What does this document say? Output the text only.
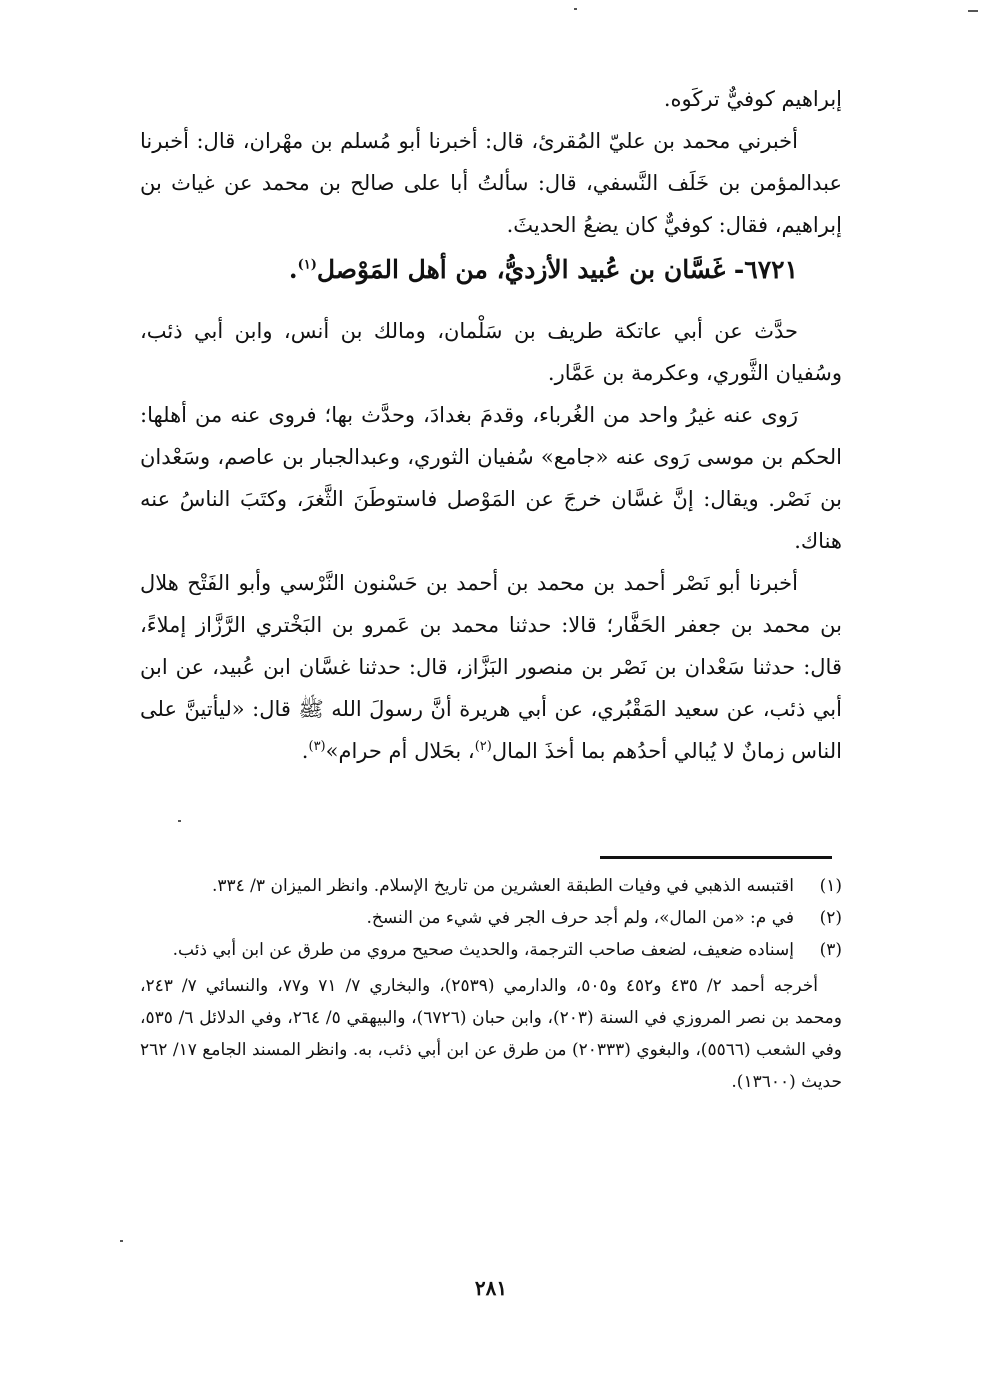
إبراهيم كوفيٌّ تركَوه.

أخبرني محمد بن عليّ المُقرئ، قال: أخبرنا أبو مُسلم بن مهْران، قال: أخبرنا عبدالمؤمن بن خَلَف النَّسفي، قال: سألتُ أبا على صالح بن محمد عن غياث بن إبراهيم، فقال: كوفيٌّ كان يضعُ الحديثَ.

٦٧٢١- غَسَّان بن عُبيد الأزديُّ، من أهل المَوْصل$^{(١)}$.

حدَّث عن أبي عاتكة طريف بن سَلْمان، ومالك بن أنس، وابن أبي ذئب، وسُفيان الثَّوري، وعكرمة بن عَمَّار.

رَوى عنه غيرُ واحد من الغُرباء، وقدمَ بغدادَ، وحدَّث بها؛ فروى عنه من أهلها: الحكم بن موسى رَوى عنه «جامع» سُفيان الثوري، وعبدالجبار بن عاصم، وسَعْدان بن نَصْر. ويقال: إنَّ غسَّان خرجَ عن المَوْصل فاستوطَنَ الثَّغرَ، وكتَبَ الناسُ عنه هناك.

أخبرنا أبو نَصْر أحمد بن محمد بن أحمد بن حَسْنون النَّرْسي وأبو الفَتْح هلال بن محمد بن جعفر الحَفَّار؛ قالا: حدثنا محمد بن عَمرو بن البَخْتري الرَّزَّاز إملاءً، قال: حدثنا سَعْدان بن نَصْر بن منصور البَزَّاز، قال: حدثنا غسَّان ابن عُبيد، عن ابن أبي ذئب، عن سعيد المَقْبُري، عن أبي هريرة أنَّ رسولَ الله ﷺ قال: «ليأتينَّ على الناس زمانٌ لا يُبالي أحدُهم بما أخذَ المال$^{(٢)}$، بحَلال أم حرام»$^{(٣)}$.

(١)
اقتبسه الذهبي في وفيات الطبقة العشرين من تاريخ الإسلام. وانظر الميزان ٣/ ٣٣٤.
(٢)
في م: «من المال»، ولم أجد حرف الجر في شيء من النسخ.
(٣)
إسناده ضعيف، لضعف صاحب الترجمة، والحديث صحيح مروي من طرق عن ابن أبي ذئب.

أخرجه أحمد ٢/ ٤٣٥ و٤٥٢ و٥٠٥، والدارمي (٢٥٣٩)، والبخاري ٧/ ٧١ و٧٧، والنسائي ٧/ ٢٤٣، ومحمد بن نصر المروزي في السنة (٢٠٣)، وابن حبان (٦٧٢٦)، والبيهقي ٥/ ٢٦٤، وفي الدلائل ٦/ ٥٣٥، وفي الشعب (٥٥٦٦)، والبغوي (٢٠٣٣٣) من طرق عن ابن أبي ذئب، به. وانظر المسند الجامع ١٧/ ٢٦٢ حديث (١٣٦٠٠).

٢٨١
